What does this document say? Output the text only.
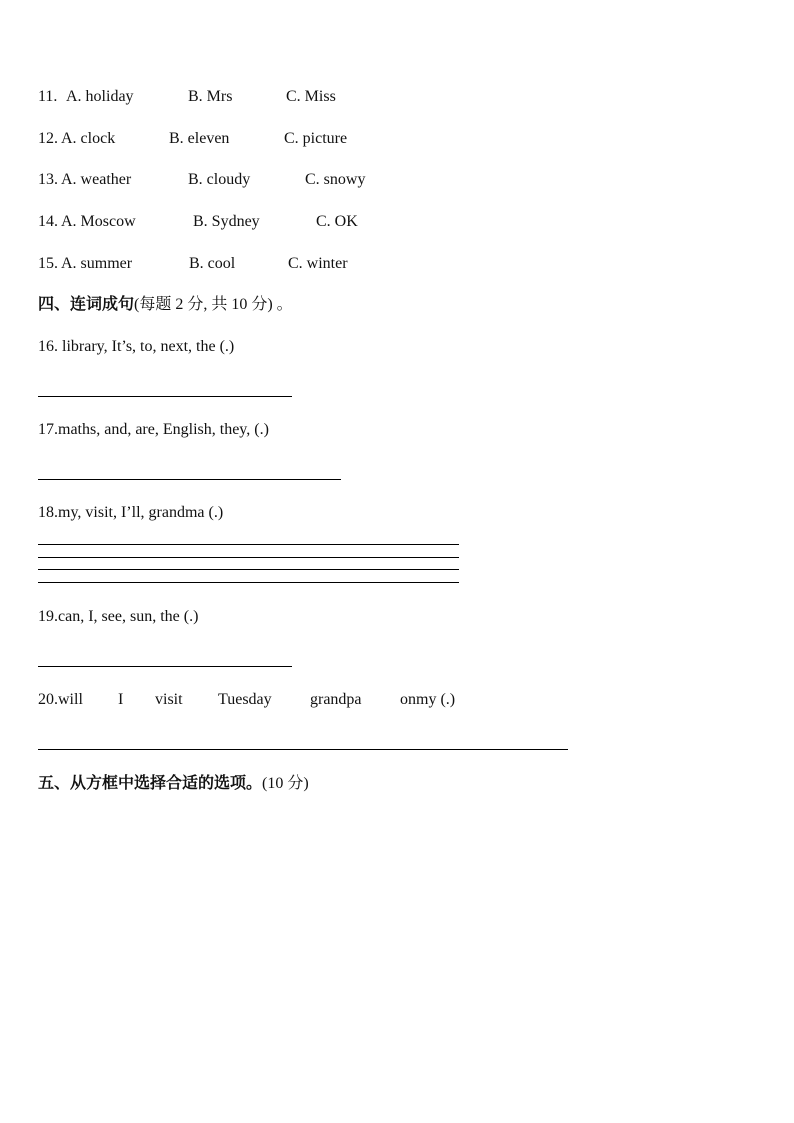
11. A. holiday	B. Mrs	C. Miss
12. A. clock	B. eleven	C. picture
13. A. weather	B. cloudy	C. snowy
14. A. Moscow	B. Sydney	C. OK
15. A. summer	B. cool	C. winter
四、连词成句(每题 2 分, 共 10 分) 。
16. library, It’s, to, next, the (.)
17.maths, and, are, English, they, (.)
18.my, visit, I’ll, grandma (.)
19.can, I, see, sun, the (.)
20.will I visit Tuesday grandpa onmy (.)
五、从方框中选择合适的选项。(10 分)
